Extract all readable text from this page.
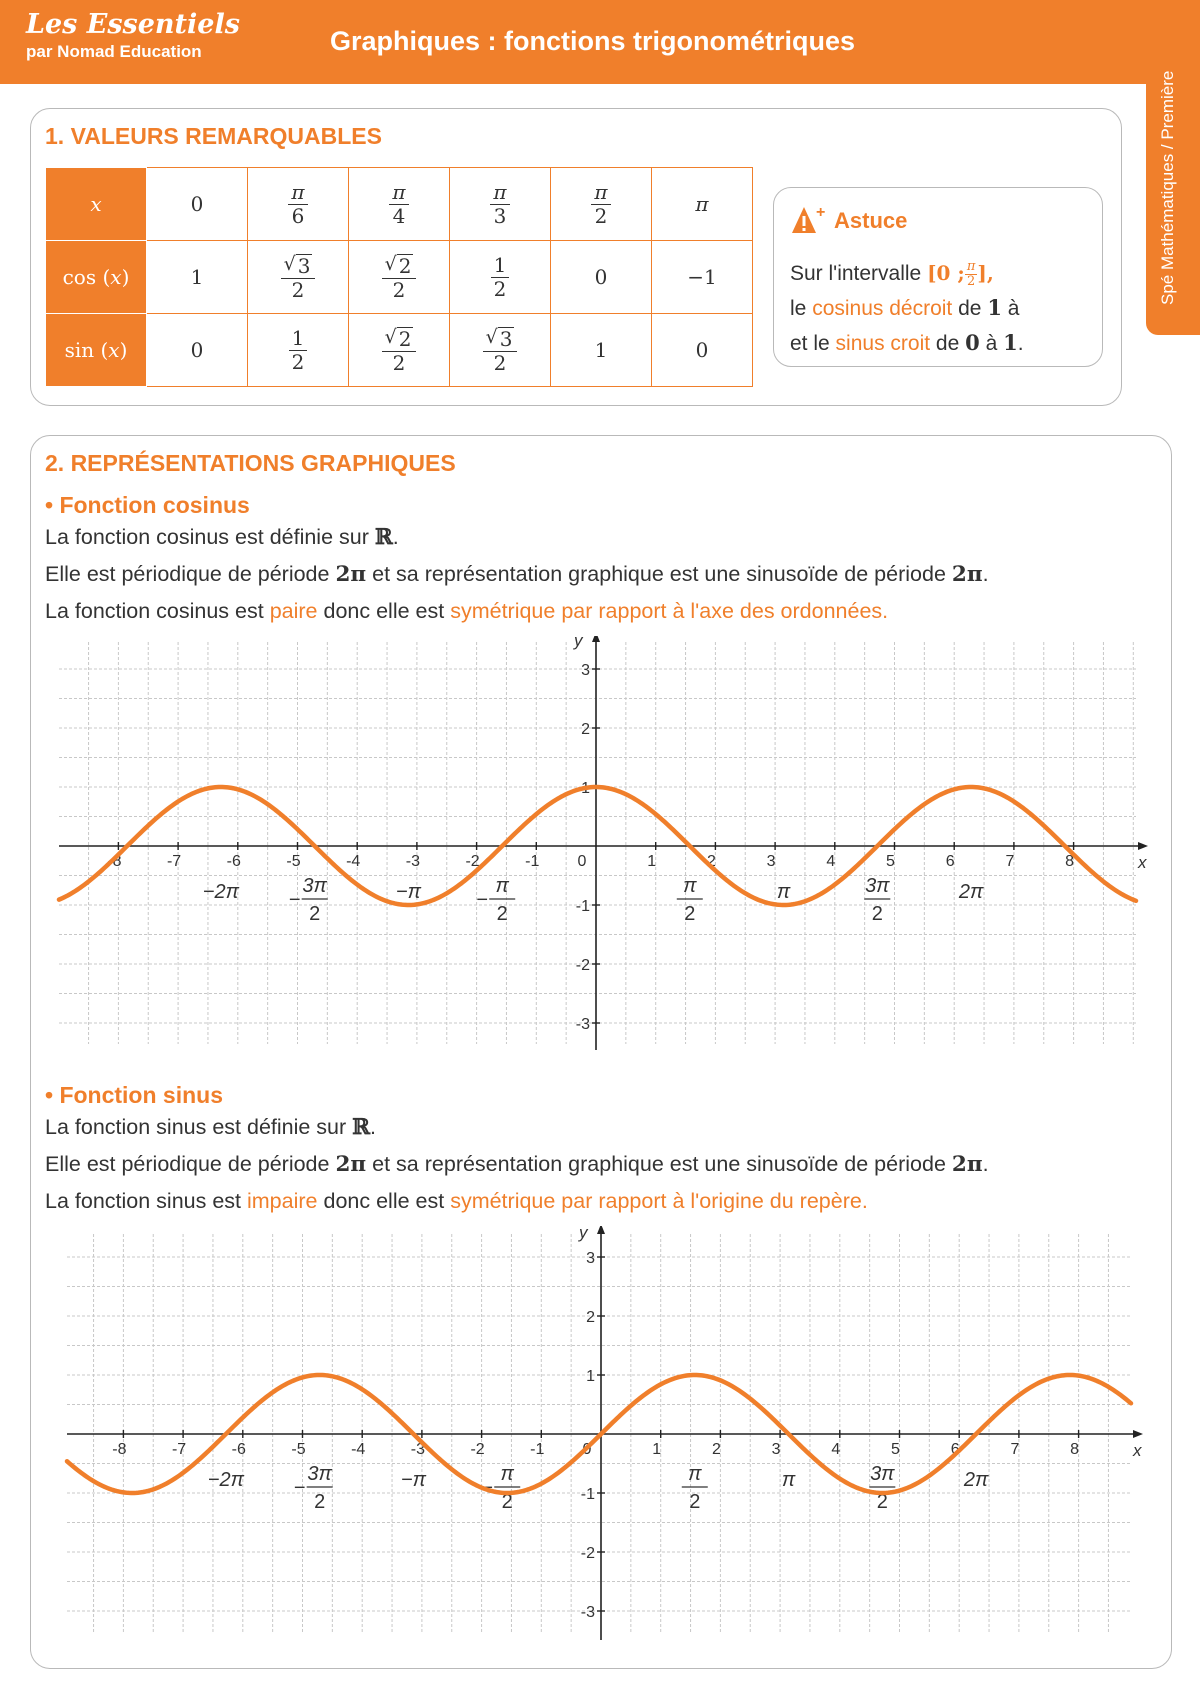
Les Essentiels
par Nomad Education	Graphiques : fonctions trigonométriques
Spé Mathématiques / Première
1. VALEURS REMARQUABLES
x	0	$\frac{\pi}{6}$	$\frac{\pi}{4}$	$\frac{\pi}{3}$	$\frac{\pi}{2}$	π
cos (x)	1	$\frac{√ 3}{2}$	$\frac{√ 2}{2}$	$\frac{1}{2}$	0	−1
sin (x)	0	$\frac{1}{2}$	$\frac{√ 2}{2}$	$\frac{√ 3}{2}$	1	0
+ Astuce
Sur l'intervalle [0 ; $\frac{\pi}{2}$ ],
le cosinus décroit de 1 à
et le sinus croit de 0 à 1.
2. REPRÉSENTATIONS GRAPHIQUES
• Fonction cosinus
La fonction cosinus est définie sur ℝ.
Elle est périodique de période 2π et sa représentation graphique est une sinusoïde de période 2π.
La fonction cosinus est paire donc elle est symétrique par rapport à l'axe des ordonnées.
x
y
-8	-7	-6	-5	-4	-3	-2	-1 0	1	2	3	4	5	6	7	8
3
2
1
-1
-2
-3
−2π	3π
2
−	−π	π
2
−
π
2
π	3π
2
2π
• Fonction sinus
La fonction sinus est définie sur ℝ.
Elle est périodique de période 2π et sa représentation graphique est une sinusoïde de période 2π.
La fonction sinus est impaire donc elle est symétrique par rapport à l'origine du repère.
x
y
-8	-7	-6	-5	-4	-3	-2	-1 0	1	2	3	4	5	6	7	8
3
2
1
-1
-2
-3
−2π	3π
2
−	−π	π
2
−
π
2
π	3π
2
2π
